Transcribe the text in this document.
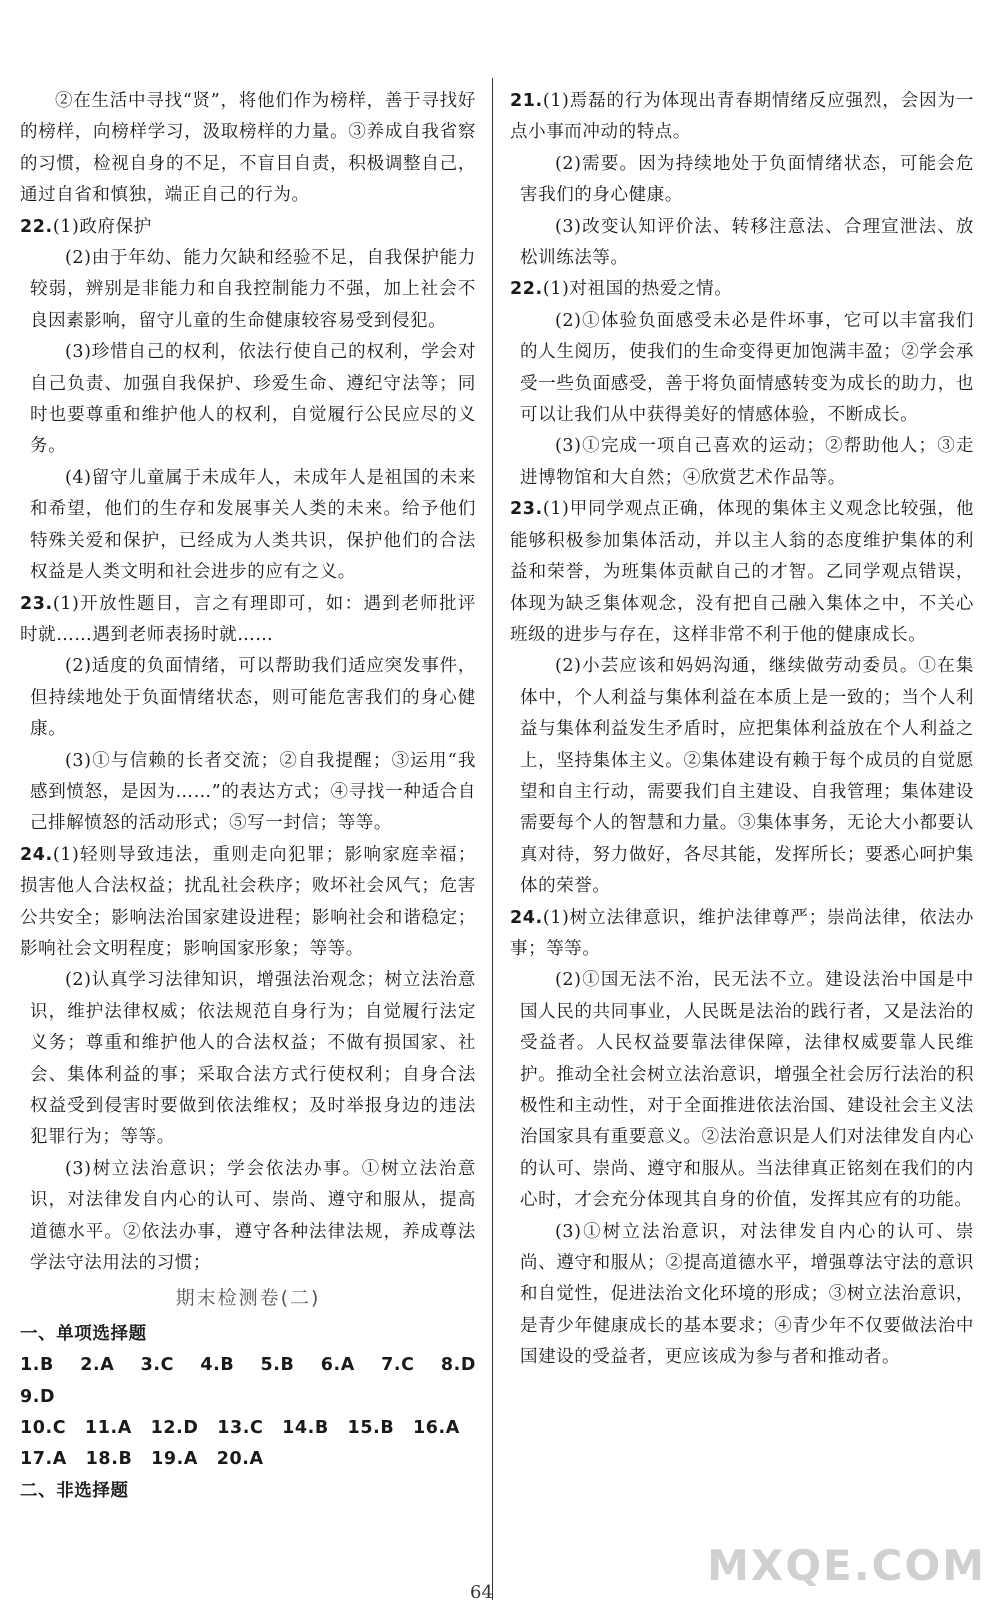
②在生活中寻找“贤”，将他们作为榜样，善于寻找好的榜样，向榜样学习，汲取榜样的力量。③养成自我省察的习惯，检视自身的不足，不盲目自责，积极调整自己，通过自省和慎独，端正自己的行为。

22.(1)政府保护

(2)由于年幼、能力欠缺和经验不足，自我保护能力较弱，辨别是非能力和自我控制能力不强，加上社会不良因素影响，留守儿童的生命健康较容易受到侵犯。

(3)珍惜自己的权利，依法行使自己的权利，学会对自己负责、加强自我保护、珍爱生命、遵纪守法等；同时也要尊重和维护他人的权利，自觉履行公民应尽的义务。

(4)留守儿童属于未成年人，未成年人是祖国的未来和希望，他们的生存和发展事关人类的未来。给予他们特殊关爱和保护，已经成为人类共识，保护他们的合法权益是人类文明和社会进步的应有之义。

23.(1)开放性题目，言之有理即可，如：遇到老师批评时就……遇到老师表扬时就……

(2)适度的负面情绪，可以帮助我们适应突发事件，但持续地处于负面情绪状态，则可能危害我们的身心健康。

(3)①与信赖的长者交流；②自我提醒；③运用“我感到愤怒，是因为……”的表达方式；④寻找一种适合自己排解愤怒的活动形式；⑤写一封信；等等。

24.(1)轻则导致违法，重则走向犯罪；影响家庭幸福；损害他人合法权益；扰乱社会秩序；败坏社会风气；危害公共安全；影响法治国家建设进程；影响社会和谐稳定；影响社会文明程度；影响国家形象；等等。

(2)认真学习法律知识，增强法治观念；树立法治意识，维护法律权威；依法规范自身行为；自觉履行法定义务；尊重和维护他人的合法权益；不做有损国家、社会、集体利益的事；采取合法方式行使权利；自身合法权益受到侵害时要做到依法维权；及时举报身边的违法犯罪行为；等等。

(3)树立法治意识；学会依法办事。①树立法治意识，对法律发自内心的认可、崇尚、遵守和服从，提高道德水平。②依法办事，遵守各种法律法规，养成尊法学法守法用法的习惯；

期末检测卷(二)

一、单项选择题

1.B 2.A 3.C 4.B 5.B 6.A 7.C 8.D 9.D

10.C 11.A 12.D 13.C 14.B 15.B 16.A

17.A 18.B 19.A 20.A

二、非选择题

21.(1)焉磊的行为体现出青春期情绪反应强烈，会因为一点小事而冲动的特点。

(2)需要。因为持续地处于负面情绪状态，可能会危害我们的身心健康。

(3)改变认知评价法、转移注意法、合理宣泄法、放松训练法等。

22.(1)对祖国的热爱之情。

(2)①体验负面感受未必是件坏事，它可以丰富我们的人生阅历，使我们的生命变得更加饱满丰盈；②学会承受一些负面感受，善于将负面情感转变为成长的助力，也可以让我们从中获得美好的情感体验，不断成长。

(3)①完成一项自己喜欢的运动；②帮助他人；③走进博物馆和大自然；④欣赏艺术作品等。

23.(1)甲同学观点正确，体现的集体主义观念比较强，他能够积极参加集体活动，并以主人翁的态度维护集体的利益和荣誉，为班集体贡献自己的才智。乙同学观点错误，体现为缺乏集体观念，没有把自己融入集体之中，不关心班级的进步与存在，这样非常不利于他的健康成长。

(2)小芸应该和妈妈沟通，继续做劳动委员。①在集体中，个人利益与集体利益在本质上是一致的；当个人利益与集体利益发生矛盾时，应把集体利益放在个人利益之上，坚持集体主义。②集体建设有赖于每个成员的自觉愿望和自主行动，需要我们自主建设、自我管理；集体建设需要每个人的智慧和力量。③集体事务，无论大小都要认真对待，努力做好，各尽其能，发挥所长；要悉心呵护集体的荣誉。

24.(1)树立法律意识，维护法律尊严；崇尚法律，依法办事；等等。

(2)①国无法不治，民无法不立。建设法治中国是中国人民的共同事业，人民既是法治的践行者，又是法治的受益者。人民权益要靠法律保障，法律权威要靠人民维护。推动全社会树立法治意识，增强全社会厉行法治的积极性和主动性，对于全面推进依法治国、建设社会主义法治国家具有重要意义。②法治意识是人们对法律发自内心的认可、崇尚、遵守和服从。当法律真正铭刻在我们的内心时，才会充分体现其自身的价值，发挥其应有的功能。

(3)①树立法治意识，对法律发自内心的认可、崇尚、遵守和服从；②提高道德水平，增强尊法守法的意识和自觉性，促进法治文化环境的形成；③树立法治意识，是青少年健康成长的基本要求；④青少年不仅要做法治中国建设的受益者，更应该成为参与者和推动者。

64
MXQE.COM
